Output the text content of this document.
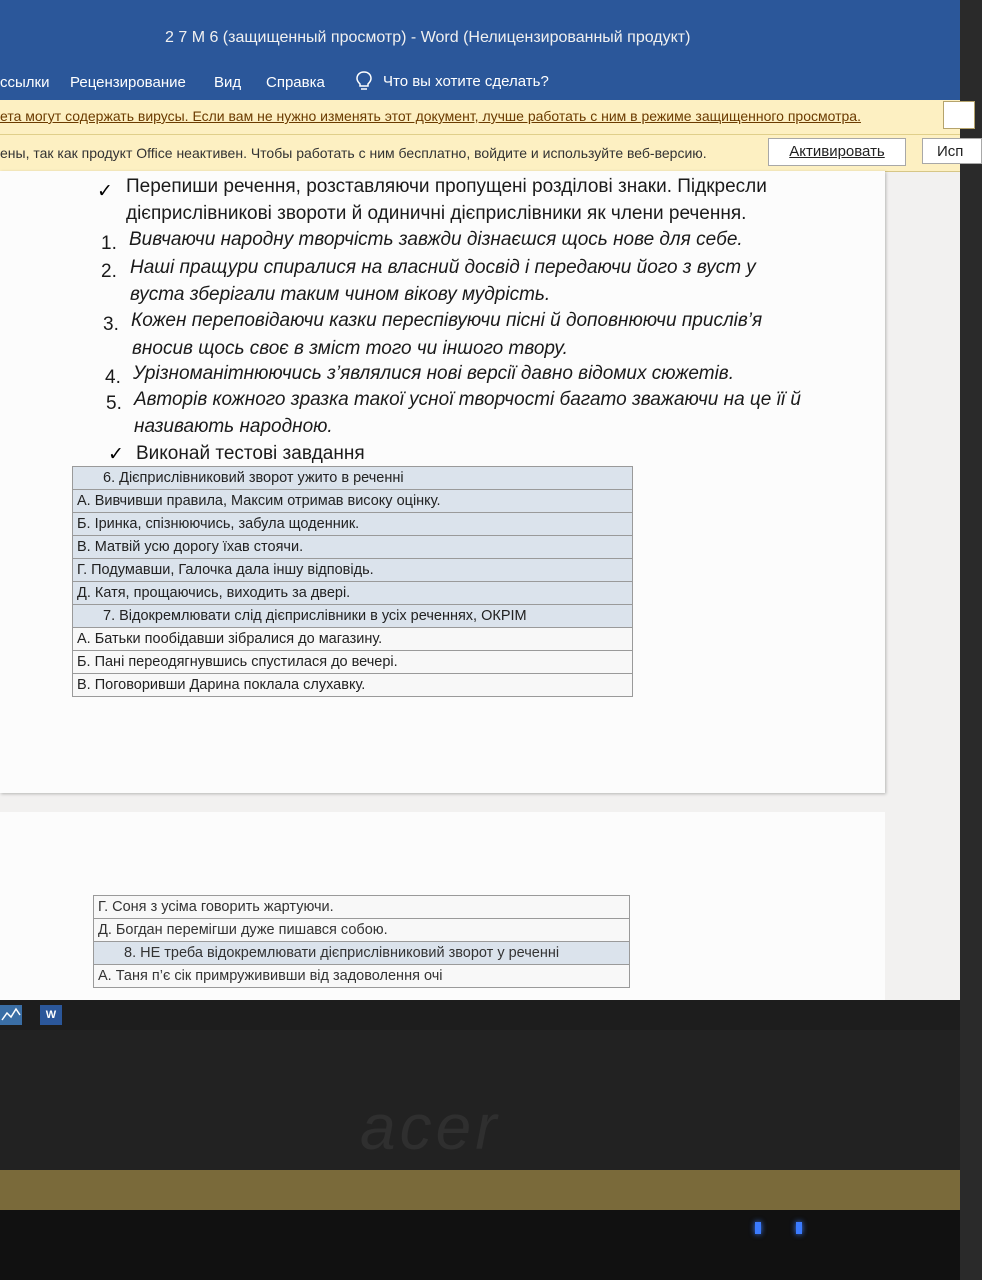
2 7 М 6 (защищенный просмотр) - Word (Нелицензированный продукт)
ссылки Рецензирование Вид Справка	Что вы хотите сделать?
ета могут содержать вирусы. Если вам не нужно изменять этот документ, лучше работать с ним в режиме защищенного просмотра.
ены, так как продукт Office неактивен. Чтобы работать с ним бесплатно, войдите и используйте веб-версию.	Активировать	Исп
✓ Перепиши речення, розставляючи пропущені розділові знаки. Підкресли
дієприслівникові звороти й одиничні дієприслівники як члени речення.
1. Вивчаючи народну творчість завжди дізнаєшся щось нове для себе.
2. Наші пращури спиралися на власний досвід і передаючи його з вуст у
вуста зберігали таким чином вікову мудрість.
3. Кожен переповідаючи казки переспівуючи пісні й доповнюючи прислів’я
вносив щось своє в зміст того чи іншого твору.
4. Урізноманітнюючись з’являлися нові версії давно відомих сюжетів.
5. Авторів кожного зразка такої усної творчості багато зважаючи на це її й
називають народною.
✓ Виконай тестові завдання
6. Дієприслівниковий зворот ужито в реченні
А. Вивчивши правила, Максим отримав високу оцінку.
Б. Іринка, спізнюючись, забула щоденник.
В. Матвій усю дорогу їхав стоячи.
Г. Подумавши, Галочка дала іншу відповідь.
Д. Катя, прощаючись, виходить за двері.
7. Відокремлювати слід дієприслівники в усіх реченнях, ОКРІМ
А. Батьки пообідавши зібралися до магазину.
Б. Пані переодягнувшись спустилася до вечері.
В. Поговоривши Дарина поклала слухавку.
Г. Соня з усіма говорить жартуючи.
Д. Богдан перемігши дуже пишався собою.
8. НЕ треба відокремлювати дієприслівниковий зворот у реченні
А. Таня п’є сік примружививши від задоволення очі
W
acer
